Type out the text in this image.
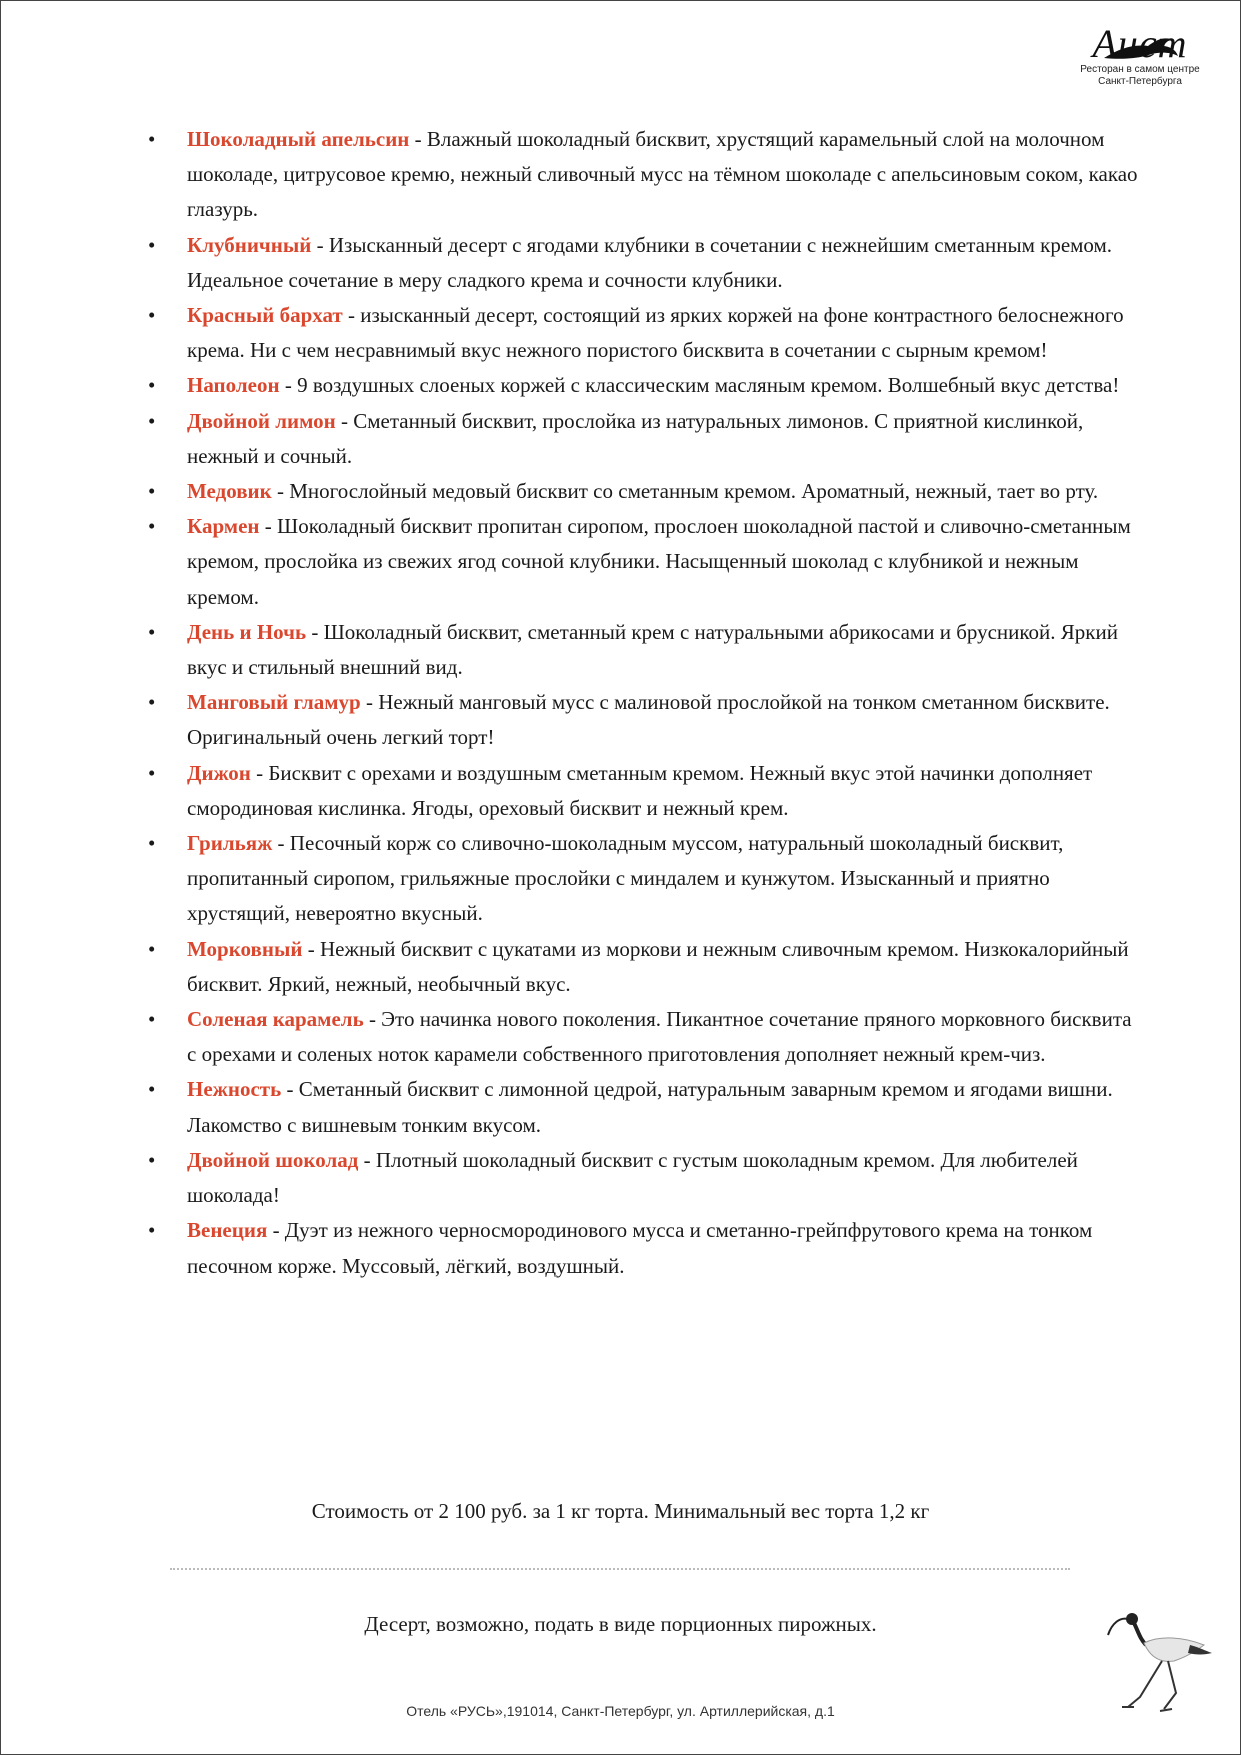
Аист
Ресторан в самом центре
Санкт-Петербурга
• Шоколадный апельсин - Влажный шоколадный бисквит, хрустящий карамельный слой на молочном шоколаде, цитрусовое кремю, нежный сливочный мусс на тёмном шоколаде с апельсиновым соком, какао глазурь.
• Клубничный - Изысканный десерт с ягодами клубники в сочетании с нежнейшим сметанным кремом. Идеальное сочетание в меру сладкого крема и сочности клубники.
• Красный бархат - изысканный десерт, состоящий из ярких коржей на фоне контрастного белоснежного крема. Ни с чем несравнимый вкус нежного пористого бисквита в сочетании с сырным кремом!
• Наполеон - 9 воздушных слоеных коржей с классическим масляным кремом. Волшебный вкус детства!
• Двойной лимон - Сметанный бисквит, прослойка из натуральных лимонов. С приятной кислинкой, нежный и сочный.
• Медовик - Многослойный медовый бисквит со сметанным кремом. Ароматный, нежный, тает во рту.
• Кармен - Шоколадный бисквит пропитан сиропом, прослоен шоколадной пастой и сливочно-сметанным кремом, прослойка из свежих ягод сочной клубники. Насыщенный шоколад с клубникой и нежным кремом.
• День и Ночь - Шоколадный бисквит, сметанный крем с натуральными абрикосами и брусникой. Яркий вкус и стильный внешний вид.
• Манговый гламур - Нежный манговый мусс с малиновой прослойкой на тонком сметанном бисквите. Оригинальный очень легкий торт!
• Дижон - Бисквит с орехами и воздушным сметанным кремом. Нежный вкус этой начинки дополняет смородиновая кислинка. Ягоды, ореховый бисквит и нежный крем.
• Грильяж - Песочный корж со сливочно-шоколадным муссом, натуральный шоколадный бисквит, пропитанный сиропом, грильяжные прослойки с миндалем и кунжутом. Изысканный и приятно хрустящий, невероятно вкусный.
• Морковный - Нежный бисквит с цукатами из моркови и нежным сливочным кремом. Низкокалорийный бисквит. Яркий, нежный, необычный вкус.
• Соленая карамель - Это начинка нового поколения. Пикантное сочетание пряного морковного бисквита с орехами и соленых ноток карамели собственного приготовления дополняет нежный крем-чиз.
• Нежность - Сметанный бисквит с лимонной цедрой, натуральным заварным кремом и ягодами вишни. Лакомство с вишневым тонким вкусом.
• Двойной шоколад - Плотный шоколадный бисквит с густым шоколадным кремом. Для любителей шоколада!
• Венеция - Дуэт из нежного черносмородинового мусса и сметанно-грейпфрутового крема на тонком песочном корже. Муссовый, лёгкий, воздушный.
Стоимость от 2 100 руб. за 1 кг торта. Минимальный вес торта 1,2 кг
Десерт, возможно, подать в виде порционных пирожных.
Отель «РУСЬ»,191014, Санкт-Петербург, ул. Артиллерийская, д.1
